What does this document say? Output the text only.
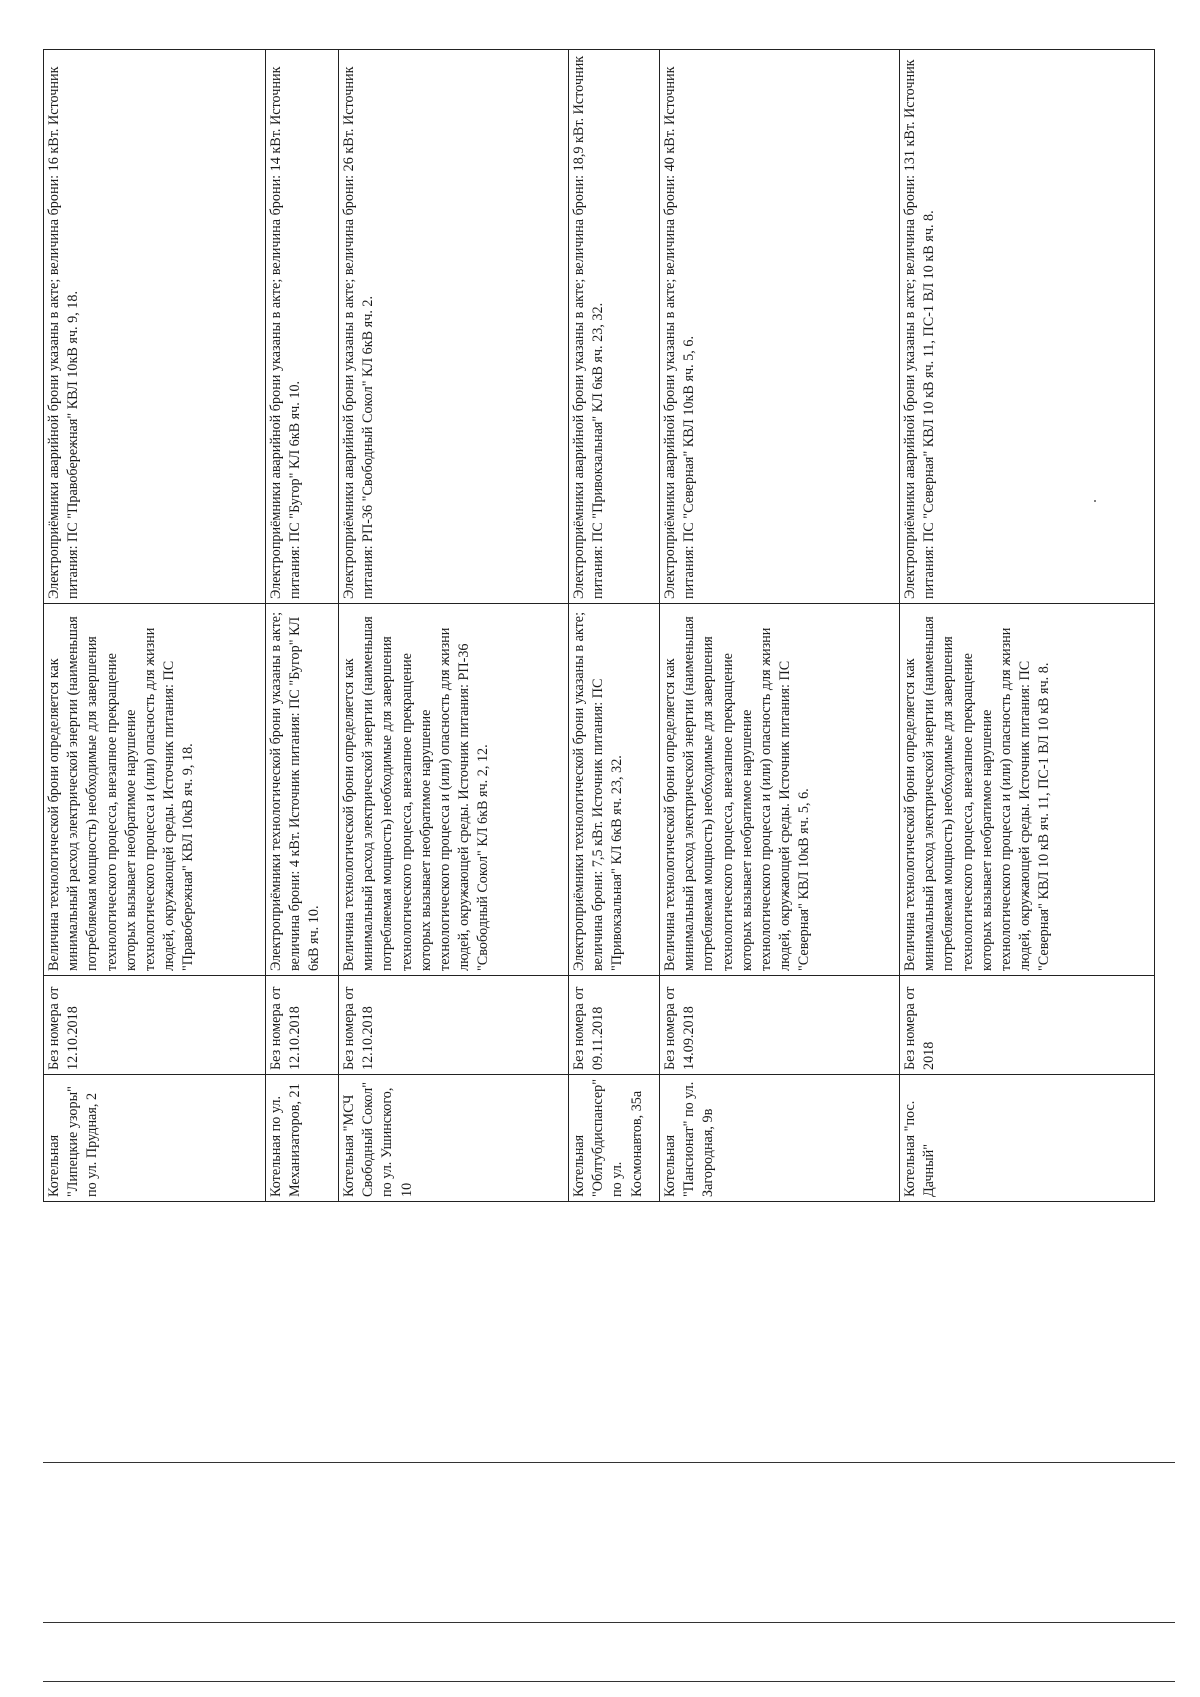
Котельная "Липецкие узоры" по ул. Прудная, 2	Без номера от 12.10.2018	Величина технологической брони определяется как минимальный расход электрической энергии (наименьшая потребляемая мощность) необходимые для завершения технологического процесса, внезапное прекращение которых вызывает необратимое нарушение технологического процесса и (или) опасность для жизни людей, окружающей среды. Источник питания: ПС "Правобережная" КВЛ 10кВ яч. 9, 18.	Электроприёмники аварийной брони указаны в акте; величина брони: 16 кВт. Источник питания: ПС "Правобережная" КВЛ 10кВ яч. 9, 18.
Котельная по ул. Механизаторов, 21	Без номера от 12.10.2018	Электроприёмники технологической брони указаны в акте; величина брони: 4 кВт. Источник питания: ПС "Бугор" КЛ 6кВ яч. 10.	Электроприёмники аварийной брони указаны в акте; величина брони: 14 кВт. Источник питания: ПС "Бугор" КЛ 6кВ яч. 10.
Котельная "МСЧ Свободный Сокол" по ул. Ушинского, 10	Без номера от 12.10.2018	Величина технологической брони определяется как минимальный расход электрической энергии (наименьшая потребляемая мощность) необходимые для завершения технологического процесса, внезапное прекращение которых вызывает необратимое нарушение технологического процесса и (или) опасность для жизни людей, окружающей среды. Источник питания: РП-36 "Свободный Сокол" КЛ 6кВ яч. 2, 12.	Электроприёмники аварийной брони указаны в акте; величина брони: 26 кВт. Источник питания: РП-36 "Свободный Сокол" КЛ 6кВ яч. 2.
Котельная "Облтубдиспансер" по ул. Космонавтов, 35а	Без номера от 09.11.2018	Электроприёмники технологической брони указаны в акте; величина брони: 7,5 кВт. Источник питания: ПС "Привокзальная" КЛ 6кВ яч. 23, 32.	Электроприёмники аварийной брони указаны в акте; величина брони: 18,9 кВт. Источник питания: ПС "Привокзальная" КЛ 6кВ яч. 23, 32.
Котельная "Пансионат" по ул. Загородная, 9в	Без номера от 14.09.2018	Величина технологической брони определяется как минимальный расход электрической энергии (наименьшая потребляемая мощность) необходимые для завершения технологического процесса, внезапное прекращение которых вызывает необратимое нарушение технологического процесса и (или) опасность для жизни людей, окружающей среды. Источник питания: ПС "Северная" КВЛ 10кВ яч. 5, 6.	Электроприёмники аварийной брони указаны в акте; величина брони: 40 кВт. Источник питания: ПС "Северная" КВЛ 10кВ яч. 5, 6.
Котельная "пос. Дачный"	Без номера от 2018	Величина технологической брони определяется как минимальный расход электрической энергии (наименьшая потребляемая мощность) необходимые для завершения технологического процесса, внезапное прекращение которых вызывает необратимое нарушение технологического процесса и (или) опасность для жизни людей, окружающей среды. Источник питания: ПС "Северная" КВЛ 10 кВ яч. 11, ПС-1 ВЛ 10 кВ яч. 8.	Электроприёмники аварийной брони указаны в акте; величина брони: 131 кВт. Источник питания: ПС "Северная" КВЛ 10 кВ яч. 11, ПС-1 ВЛ 10 кВ яч. 8.
